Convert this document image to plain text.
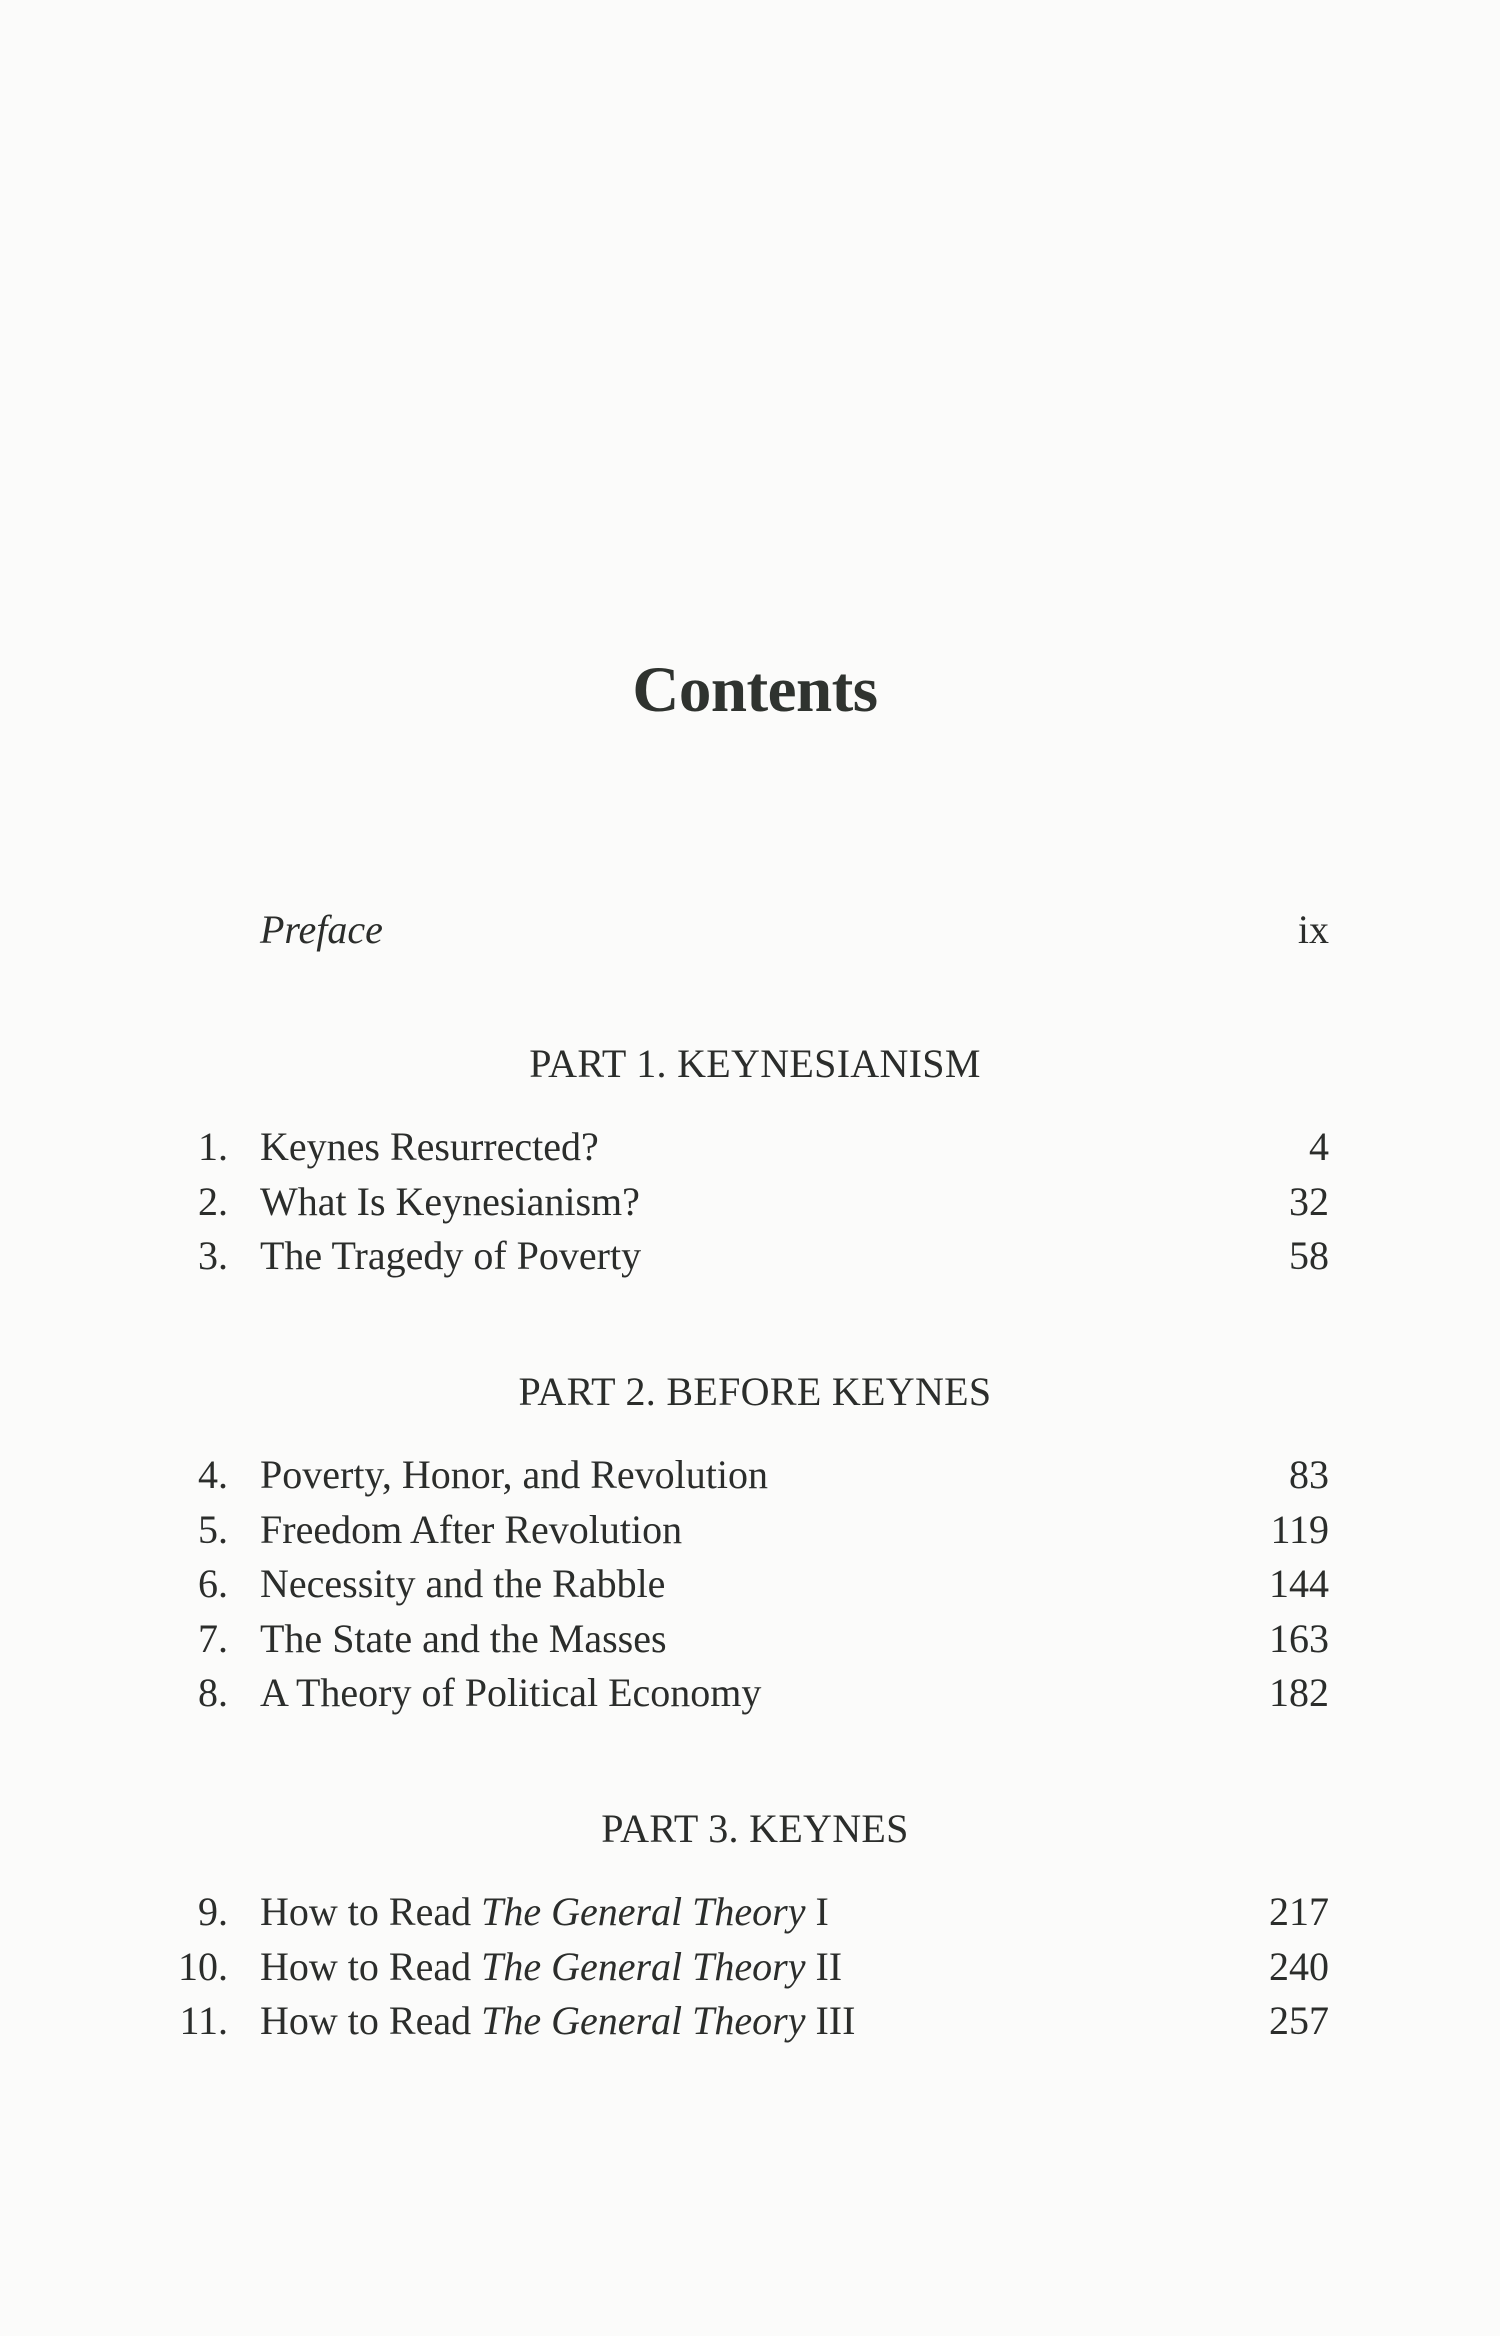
Contents
Preface	ix
PART 1. KEYNESIANISM
1. Keynes Resurrected?	4
2. What Is Keynesianism?	32
3. The Tragedy of Poverty	58
PART 2. BEFORE KEYNES
4. Poverty, Honor, and Revolution	83
5. Freedom After Revolution	119
6. Necessity and the Rabble	144
7. The State and the Masses	163
8. A Theory of Political Economy	182
PART 3. KEYNES
9. How to Read The General Theory I	217
10. How to Read The General Theory II	240
11. How to Read The General Theory III	257
